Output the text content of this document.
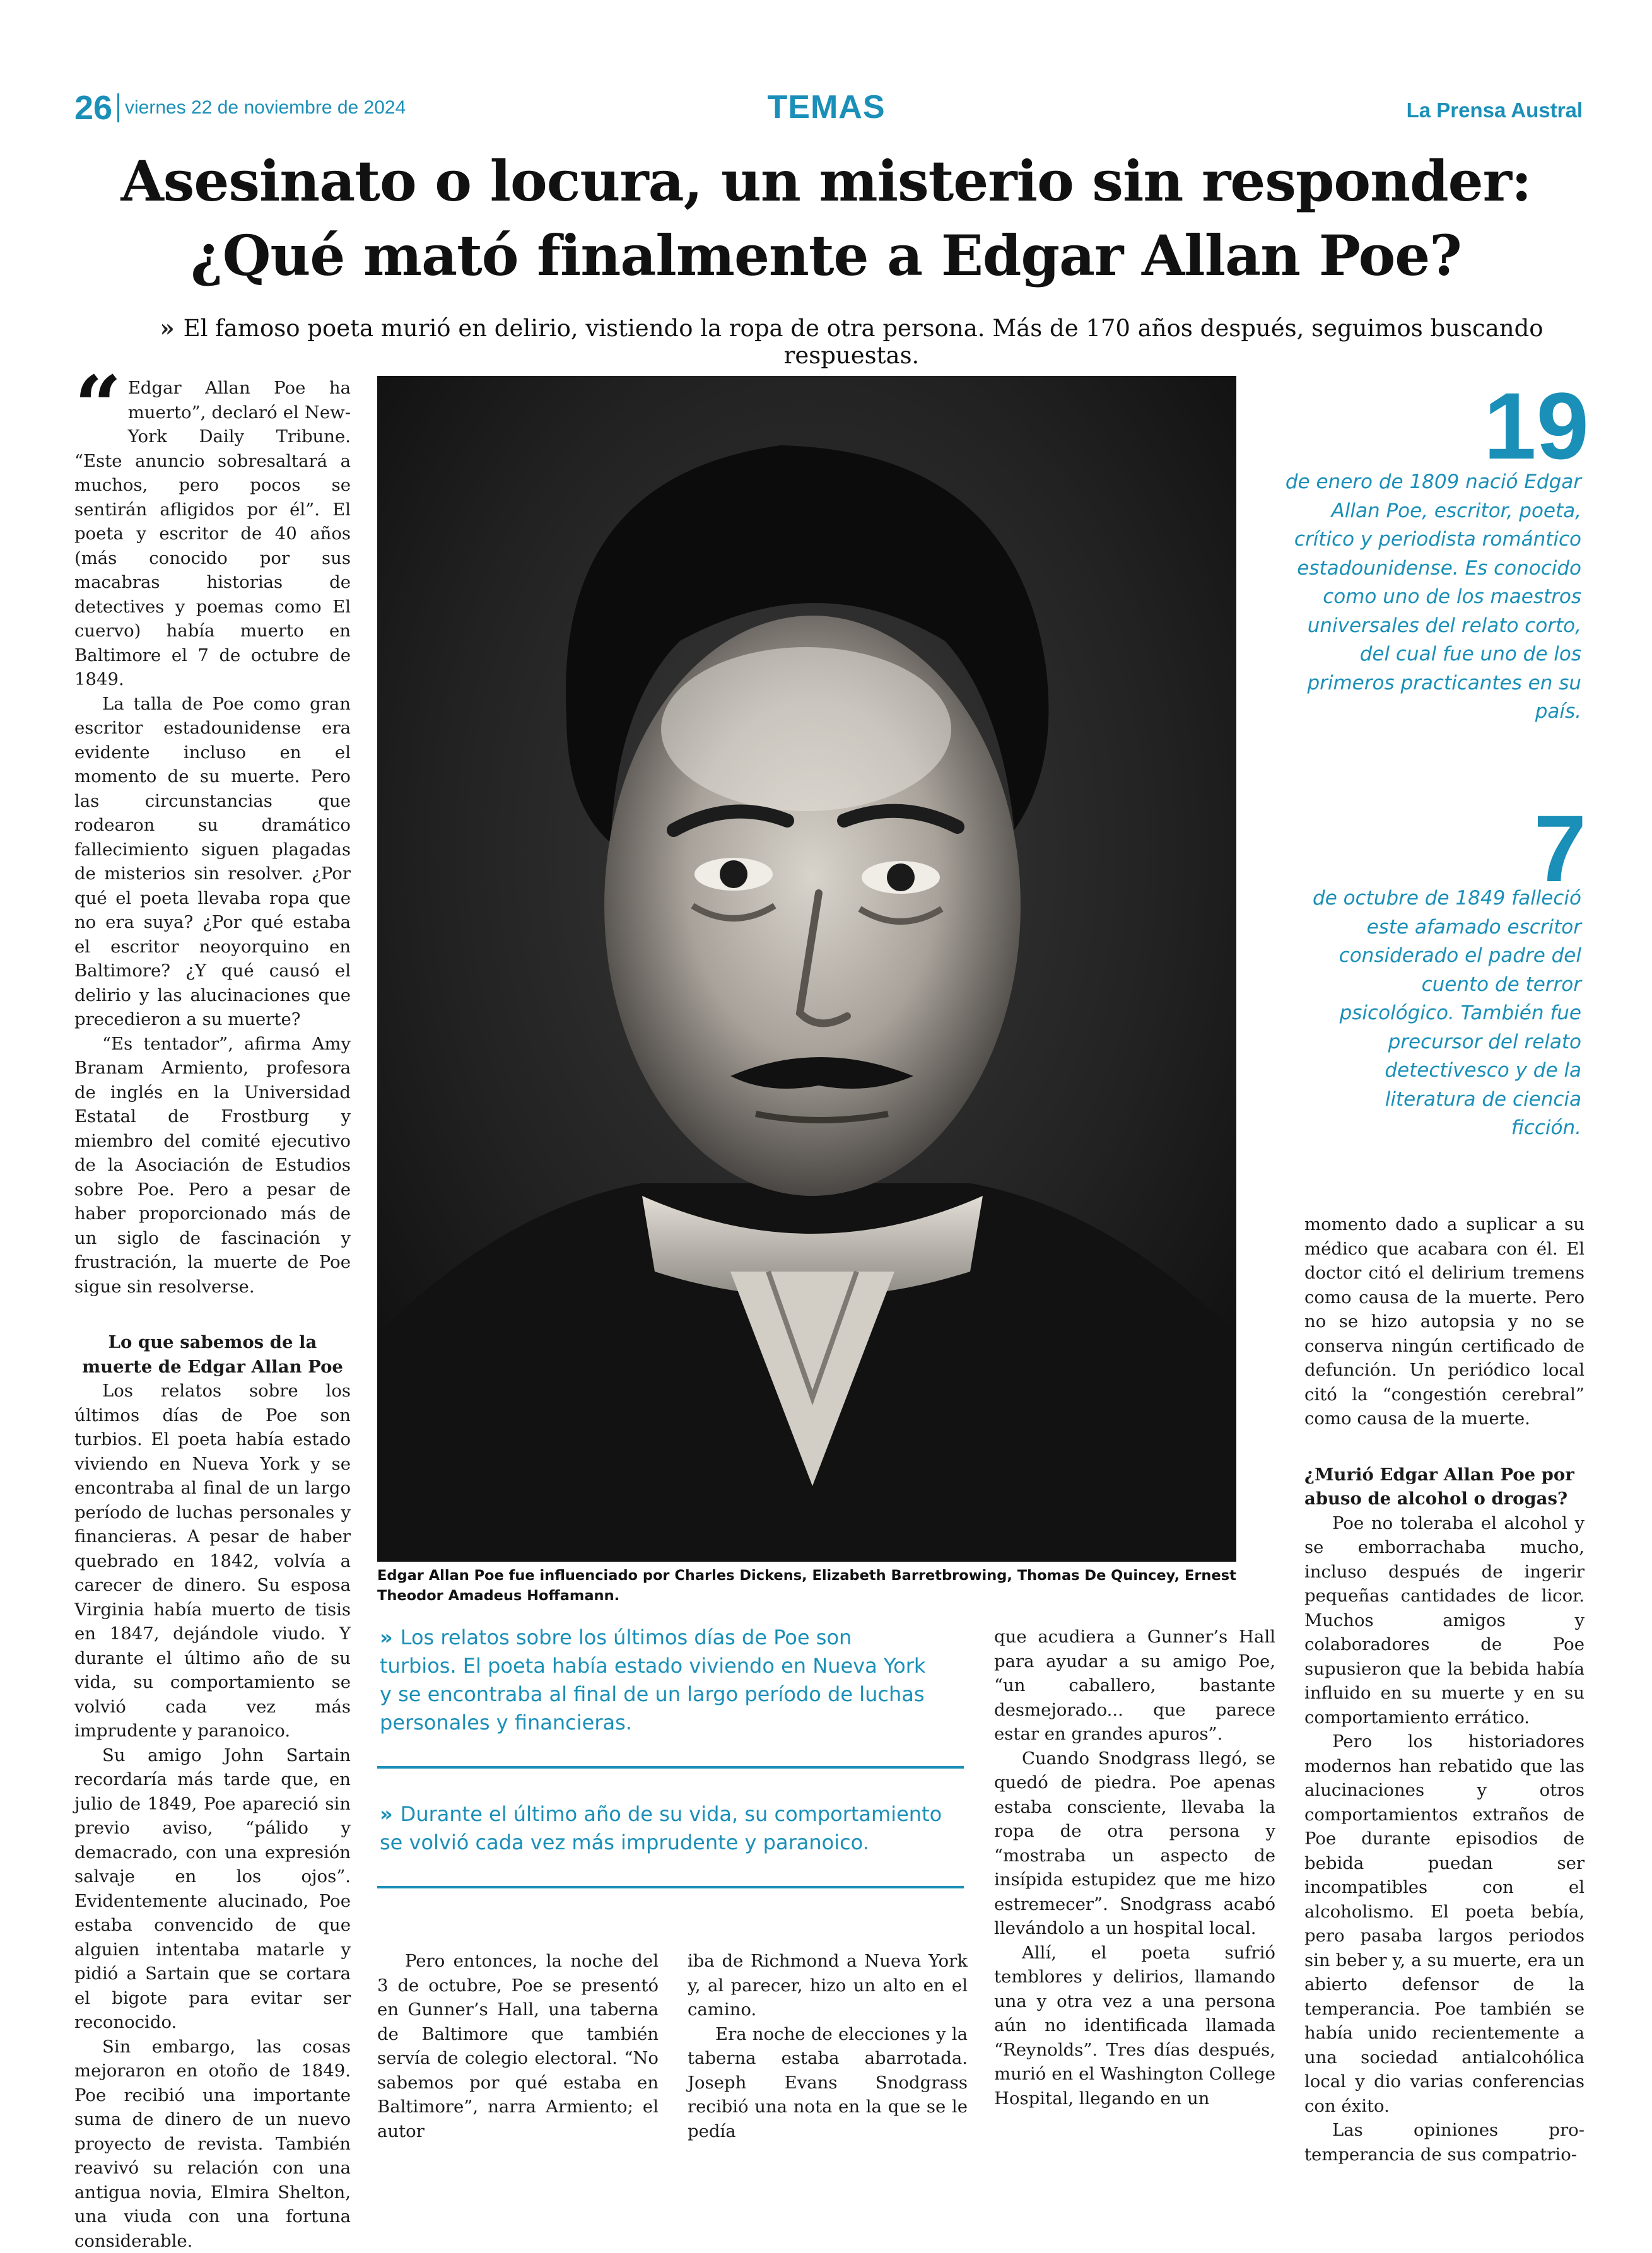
26 viernes 22 de noviembre de 2024	TEMAS	La Prensa Austral
Asesinato o locura, un misterio sin responder:
¿Qué mató finalmente a Edgar Allan Poe?
» El famoso poeta murió en delirio, vistiendo la ropa de otra persona. Más de 170 años después, seguimos buscando respuestas.

“ Edgar Allan Poe ha muerto”, declaró el New-York Daily Tribune. “Este anuncio sobresaltará a muchos, pero pocos se sentirán afligidos por él”. El poeta y escritor de 40 años (más conocido por sus macabras historias de detectives y poemas como El cuervo) había muerto en Baltimore el 7 de octubre de 1849.

La talla de Poe como gran escritor estadounidense era evidente incluso en el momento de su muerte. Pero las circunstancias que rodearon su dramático fallecimiento siguen plagadas de misterios sin resolver. ¿Por qué el poeta llevaba ropa que no era suya? ¿Por qué estaba el escritor neoyorquino en Baltimore? ¿Y qué causó el delirio y las alucinaciones que precedieron a su muerte?

“Es tentador”, afirma Amy Branam Armiento, profesora de inglés en la Universidad Estatal de Frostburg y miembro del comité ejecutivo de la Asociación de Estudios sobre Poe. Pero a pesar de haber proporcionado más de un siglo de fascinación y frustración, la muerte de Poe sigue sin resolverse.

Lo que sabemos de la muerte de Edgar Allan Poe

Los relatos sobre los últimos días de Poe son turbios. El poeta había estado viviendo en Nueva York y se encontraba al final de un largo período de luchas personales y financieras. A pesar de haber quebrado en 1842, volvía a carecer de dinero. Su esposa Virginia había muerto de tisis en 1847, dejándole viudo. Y durante el último año de su vida, su comportamiento se volvió cada vez más imprudente y paranoico.

Su amigo John Sartain recordaría más tarde que, en julio de 1849, Poe apareció sin previo aviso, “pálido y demacrado, con una expresión salvaje en los ojos”. Evidentemente alucinado, Poe estaba convencido de que alguien intentaba matarle y pidió a Sartain que se cortara el bigote para evitar ser reconocido.

Sin embargo, las cosas mejoraron en otoño de 1849. Poe recibió una importante suma de dinero de un nuevo proyecto de revista. También reavivó su relación con una antigua novia, Elmira Shelton, una viuda con una fortuna considerable.

Edgar Allan Poe fue influenciado por Charles Dickens, Elizabeth Barretbrowing, Thomas De Quincey, Ernest Theodor Amadeus Hoffamann.
19
de enero de 1809 nació Edgar Allan Poe, escritor, poeta, crítico y periodista romántico estadounidense. Es conocido como uno de los maestros universales del relato corto, del cual fue uno de los primeros practicantes en su país.
7
de octubre de 1849 falleció este afamado escritor considerado el padre del cuento de terror psicológico. También fue precursor del relato detectivesco y de la literatura de ciencia ficción.
» Los relatos sobre los últimos días de Poe son turbios. El poeta había estado viviendo en Nueva York y se encontraba al final de un largo período de luchas personales y financieras.
» Durante el último año de su vida, su comportamiento se volvió cada vez más imprudente y paranoico.

Pero entonces, la noche del 3 de octubre, Poe se presentó en Gunner’s Hall, una taberna de Baltimore que también servía de colegio electoral. “No sabemos por qué estaba en Baltimore”, narra Armiento; el autor

iba de Richmond a Nueva York y, al parecer, hizo un alto en el camino.

Era noche de elecciones y la taberna estaba abarrotada. Joseph Evans Snodgrass recibió una nota en la que se le pedía

que acudiera a Gunner’s Hall para ayudar a su amigo Poe, “un caballero, bastante desmejorado... que parece estar en grandes apuros”.

Cuando Snodgrass llegó, se quedó de piedra. Poe apenas estaba consciente, llevaba la ropa de otra persona y “mostraba un aspecto de insípida estupidez que me hizo estremecer”. Snodgrass acabó llevándolo a un hospital local.

Allí, el poeta sufrió temblores y delirios, llamando una y otra vez a una persona aún no identificada llamada “Reynolds”. Tres días después, murió en el Washington College Hospital, llegando en un

momento dado a suplicar a su médico que acabara con él. El doctor citó el delirium tremens como causa de la muerte. Pero no se hizo autopsia y no se conserva ningún certificado de defunción. Un periódico local citó la “congestión cerebral” como causa de la muerte.

¿Murió Edgar Allan Poe por abuso de alcohol o drogas?

Poe no toleraba el alcohol y se emborrachaba mucho, incluso después de ingerir pequeñas cantidades de licor. Muchos amigos y colaboradores de Poe supusieron que la bebida había influido en su muerte y en su comportamiento errático.

Pero los historiadores modernos han rebatido que las alucinaciones y otros comportamientos extraños de Poe durante episodios de bebida puedan ser incompatibles con el alcoholismo. El poeta bebía, pero pasaba largos periodos sin beber y, a su muerte, era un abierto defensor de la temperancia. Poe también se había unido recientemente a una sociedad antialcohólica local y dio varias conferencias con éxito.

Las opiniones pro-temperancia de sus compatrio-
